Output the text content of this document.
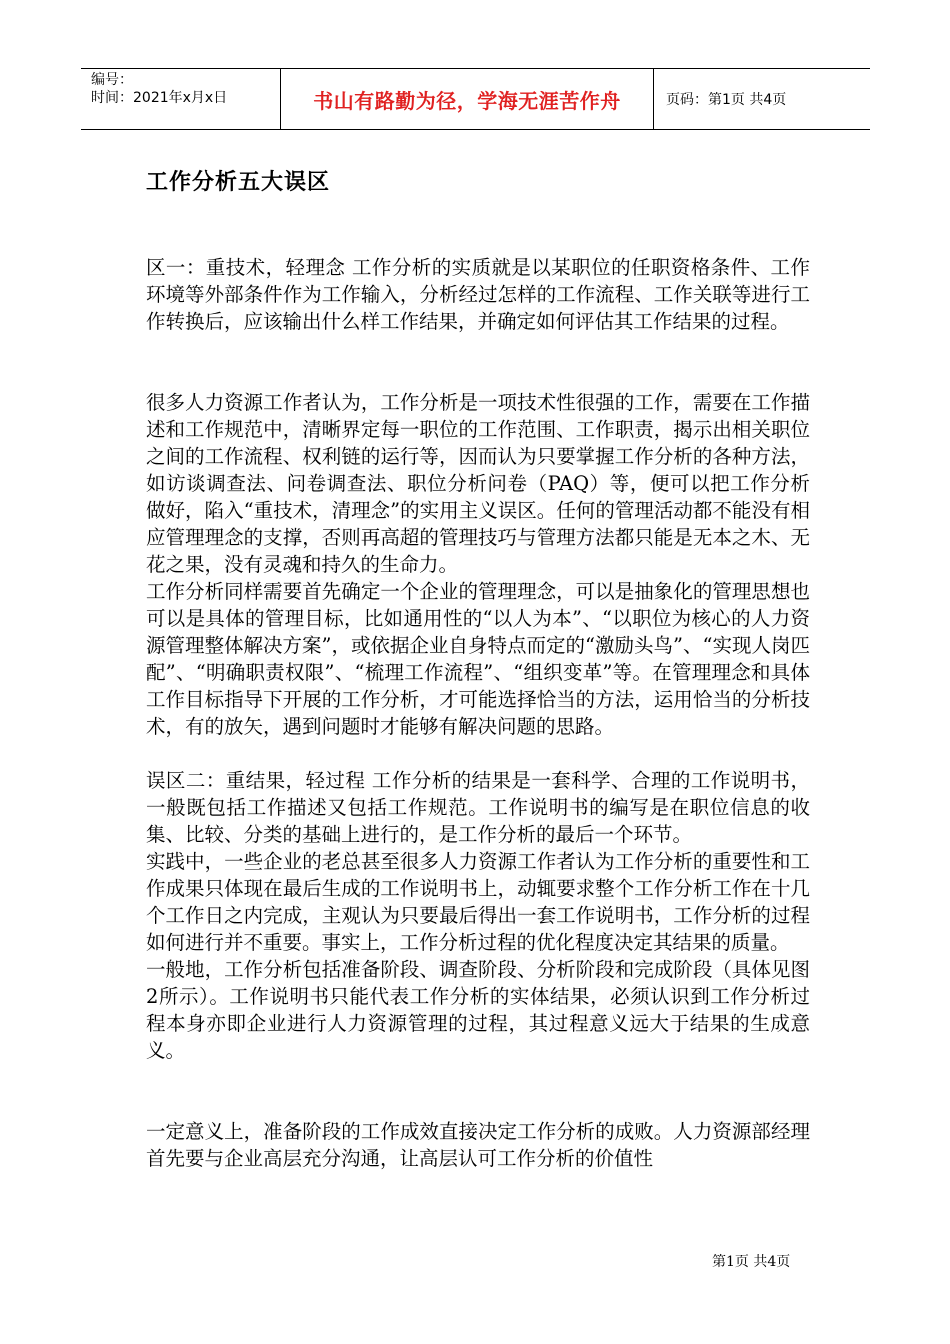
编号：
时间：2021年x月x日	书山有路勤为径，学海无涯苦作舟	页码：第1页 共4页
工作分析五大误区

区一：重技术，轻理念 工作分析的实质就是以某职位的任职资格条件、工作环境等外部条件作为工作输入，分析经过怎样的工作流程、工作关联等进行工作转换后，应该输出什么样工作结果，并确定如何评估其工作结果的过程。

很多人力资源工作者认为，工作分析是一项技术性很强的工作，需要在工作描述和工作规范中，清晰界定每一职位的工作范围、工作职责，揭示出相关职位之间的工作流程、权利链的运行等，因而认为只要掌握工作分析的各种方法，如访谈调查法、问卷调查法、职位分析问卷（PAQ）等，便可以把工作分析做好，陷入“重技术，清理念”的实用主义误区。任何的管理活动都不能没有相应管理理念的支撑，否则再高超的管理技巧与管理方法都只能是无本之木、无花之果，没有灵魂和持久的生命力。

工作分析同样需要首先确定一个企业的管理理念，可以是抽象化的管理思想也可以是具体的管理目标，比如通用性的“以人为本”、“以职位为核心的人力资源管理整体解决方案”，或依据企业自身特点而定的“激励头鸟”、“实现人岗匹配”、“明确职责权限”、“梳理工作流程”、“组织变革”等。在管理理念和具体工作目标指导下开展的工作分析，才可能选择恰当的方法，运用恰当的分析技术，有的放矢，遇到问题时才能够有解决问题的思路。

误区二：重结果，轻过程 工作分析的结果是一套科学、合理的工作说明书，一般既包括工作描述又包括工作规范。工作说明书的编写是在职位信息的收集、比较、分类的基础上进行的，是工作分析的最后一个环节。

实践中，一些企业的老总甚至很多人力资源工作者认为工作分析的重要性和工作成果只体现在最后生成的工作说明书上，动辄要求整个工作分析工作在十几个工作日之内完成，主观认为只要最后得出一套工作说明书，工作分析的过程如何进行并不重要。事实上，工作分析过程的优化程度决定其结果的质量。

一般地，工作分析包括准备阶段、调查阶段、分析阶段和完成阶段（具体见图2所示）。工作说明书只能代表工作分析的实体结果，必须认识到工作分析过程本身亦即企业进行人力资源管理的过程，其过程意义远大于结果的生成意义。

一定意义上，准备阶段的工作成效直接决定工作分析的成败。人力资源部经理首先要与企业高层充分沟通，让高层认可工作分析的价值性

第1页 共4页
